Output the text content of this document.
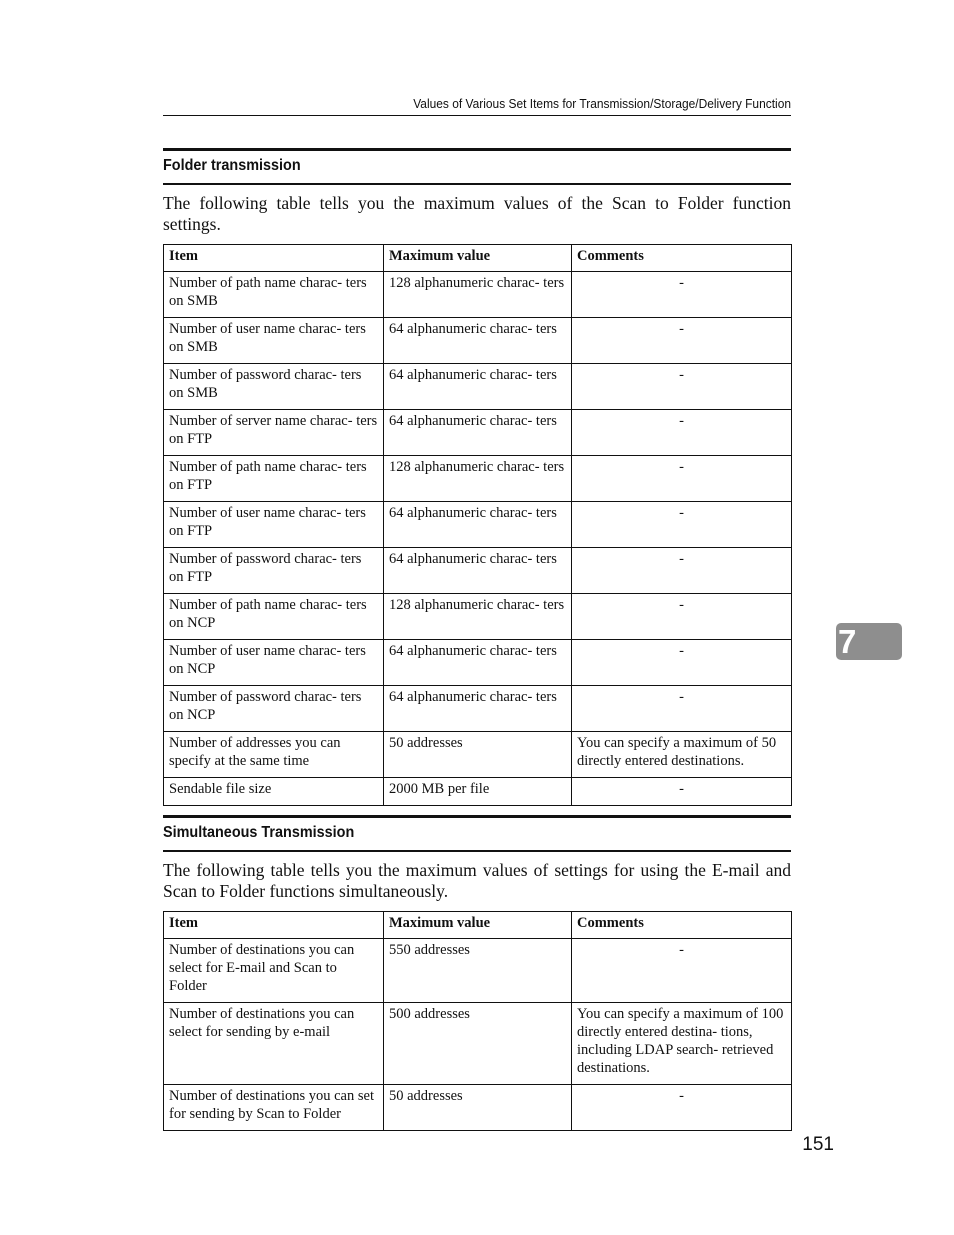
Values of Various Set Items for Transmission/Storage/Delivery Function
Folder transmission

The following table tells you the maximum values of the Scan to Folder function settings.

Item	Maximum value	Comments
Number of path name charac- ters on SMB	128 alphanumeric charac- ters	-
Number of user name charac- ters on SMB	64 alphanumeric charac- ters	-
Number of password charac- ters on SMB	64 alphanumeric charac- ters	-
Number of server name charac- ters on FTP	64 alphanumeric charac- ters	-
Number of path name charac- ters on FTP	128 alphanumeric charac- ters	-
Number of user name charac- ters on FTP	64 alphanumeric charac- ters	-
Number of password charac- ters on FTP	64 alphanumeric charac- ters	-
Number of path name charac- ters on NCP	128 alphanumeric charac- ters	-
Number of user name charac- ters on NCP	64 alphanumeric charac- ters	-
Number of password charac- ters on NCP	64 alphanumeric charac- ters	-
Number of addresses you can specify at the same time	50 addresses	You can specify a maximum of 50 directly entered destinations.
Sendable file size	2000 MB per file	-
Simultaneous Transmission

The following table tells you the maximum values of settings for using the E-mail and Scan to Folder functions simultaneously.

Item	Maximum value	Comments
Number of destinations you can select for E-mail and Scan to Folder	550 addresses	-
Number of destinations you can select for sending by e-mail	500 addresses	You can specify a maximum of 100 directly entered destina- tions, including LDAP search- retrieved destinations.
Number of destinations you can set for sending by Scan to Folder	50 addresses	-
7
151
